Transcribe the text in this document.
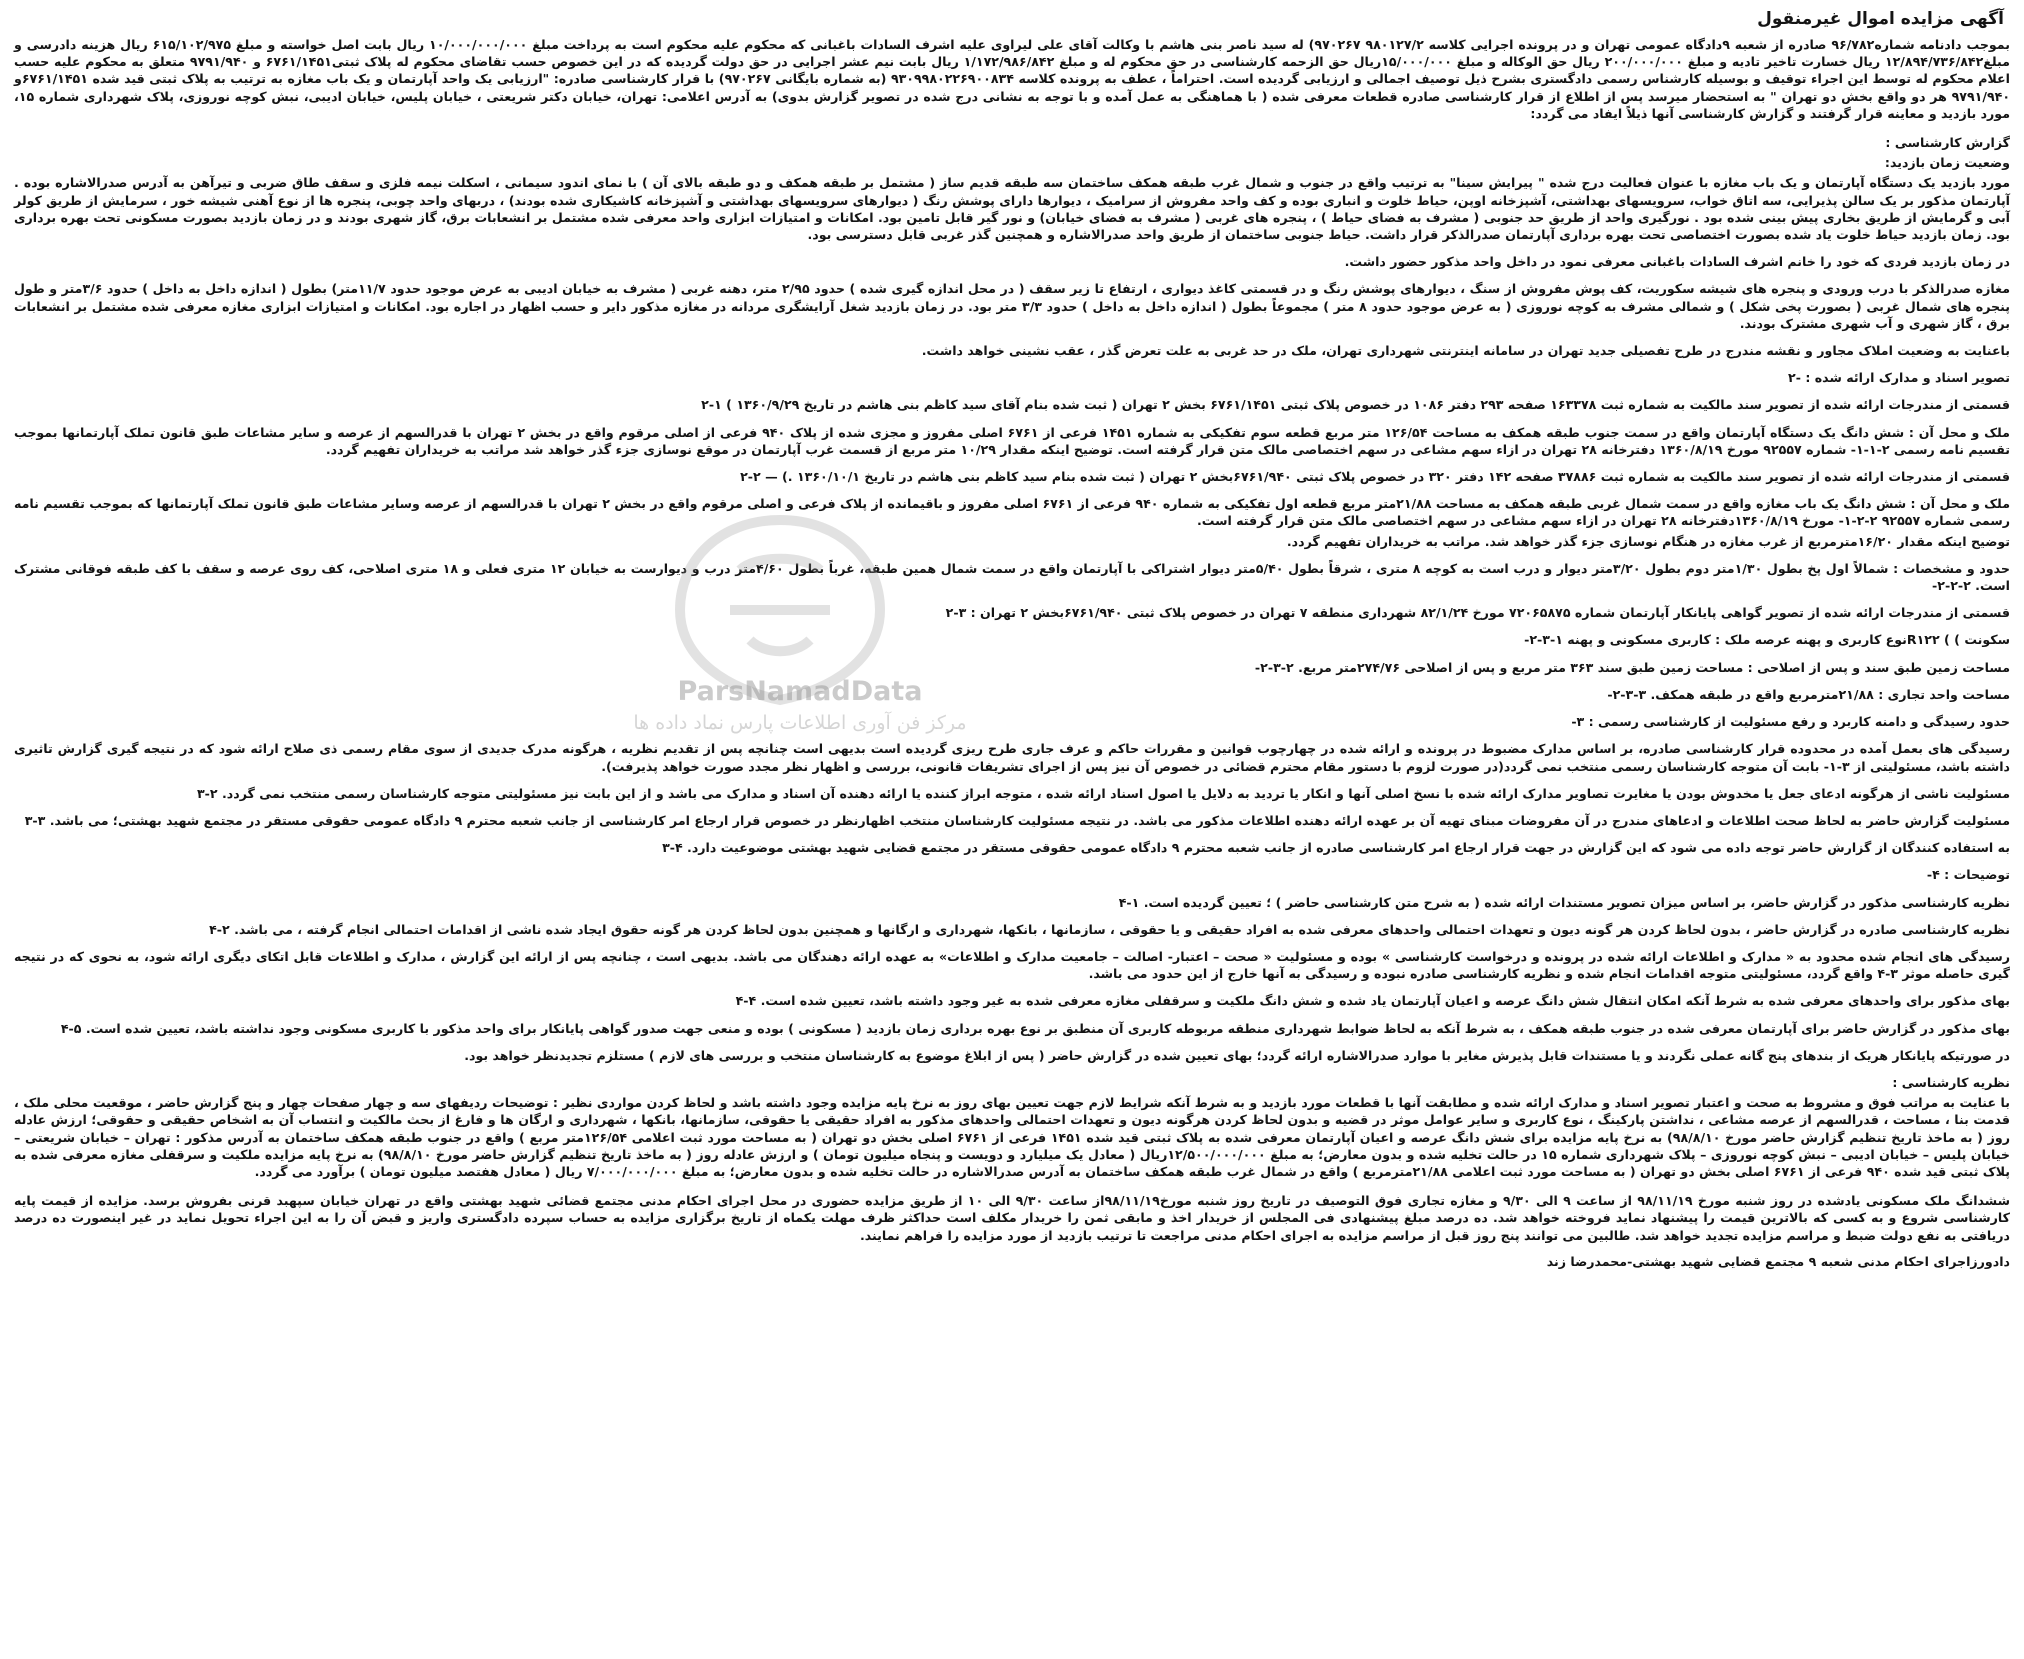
آگهی مزایده اموال غیرمنقول
بموجب دادنامه شماره۹۶/۷۸۲ صادره از شعبه ۹دادگاه عمومی تهران و در پرونده اجرایی کلاسه ۹۸۰۱۲۷/۲ ۹۷۰۲۶۷) له سید ناصر بنی هاشم با وکالت آقای علی لیراوی علیه اشرف السادات باغبانی که محکوم علیه محکوم است به پرداخت مبلغ ۱۰/۰۰۰/۰۰۰/۰۰۰ ریال بابت اصل خواسته و مبلغ ۶۱۵/۱۰۲/۹۷۵ ریال هزینه دادرسی و مبلغ۱۲/۸۹۴/۷۳۶/۸۴۲ ریال خسارت تاخیر تادیه و مبلغ ۲۰۰/۰۰۰/۰۰۰ ریال حق الوکاله و مبلغ ۱۵/۰۰۰/۰۰۰ریال حق الزحمه کارشناسی در حق محکوم له و مبلغ ۱/۱۷۲/۹۸۶/۸۴۲ ریال بابت نیم عشر اجرایی در حق دولت گردیده که در این خصوص حسب تقاضای محکوم له پلاک ثبتی۶۷۶۱/۱۴۵۱ و ۹۷۹۱/۹۴۰ متعلق به محکوم علیه حسب اعلام محکوم له توسط این اجراء توقیف و بوسیله کارشناس رسمی دادگستری بشرح ذیل توصیف اجمالی و ارزیابی گردیده است. احتراماً ، عطف به پرونده کلاسه ۹۳۰۹۹۸۰۲۲۶۹۰۰۸۳۴ (به شماره بایگانی ۹۷۰۲۶۷) با قرار کارشناسی صادره: "ارزیابی یک واحد آپارتمان و یک باب مغازه به ترتیب به پلاک ثبتی قید شده ۶۷۶۱/۱۴۵۱و ۹۷۹۱/۹۴۰ هر دو واقع بخش دو تهران " به استحضار میرسد پس از اطلاع از قرار کارشناسی صادره قطعات معرفی شده ( با هماهنگی به عمل آمده و با توجه به نشانی درج شده در تصویر گزارش بدوی) به آدرس اعلامی: تهران، خیابان دکتر شریعتی ، خیابان پلیس، خیابان ادیبی، نبش کوچه نوروزی، پلاک شهرداری شماره ۱۵، مورد بازدید و معاینه قرار گرفتند و گزارش کارشناسی آنها ذیلاً ایفاد می گردد:
گزارش کارشناسی :
وضعیت زمان بازدید:
مورد بازدید یک دستگاه آپارتمان و یک باب مغازه با عنوان فعالیت درج شده " پیرایش سینا" به ترتیب واقع در جنوب و شمال غرب طبقه همکف ساختمان سه طبقه قدیم ساز ( مشتمل بر طبقه همکف و دو طبقه بالای آن ) با نمای اندود سیمانی ، اسکلت نیمه فلزی و سقف طاق ضربی و تیرآهن به آدرس صدرالاشاره بوده . آپارتمان مذکور بر یک سالن پذیرایی، سه اتاق خواب، سرویسهای بهداشتی، آشپزخانه اوپن، حیاط خلوت و انباری بوده و کف واحد مفروش از سرامیک ، دیوارها دارای پوشش رنگ ( دیوارهای سرویسهای بهداشتی و آشپزخانه کاشیکاری شده بودند) ، دربهای واحد چوبی، پنجره ها از نوع آهنی شیشه خور ، سرمایش از طریق کولر آبی و گرمایش از طریق بخاری پیش بینی شده بود . نورگیری واحد از طریق حد جنوبی ( مشرف به فضای حیاط ) ، پنجره های غربی ( مشرف به فضای خیابان) و نور گیر قابل تامین بود. امکانات و امتیازات ابزاری واحد معرفی شده مشتمل بر انشعابات برق، گاز شهری بودند و در زمان بازدید بصورت مسکونی تحت بهره برداری بود. زمان بازدید حیاط خلوت یاد شده بصورت اختصاصی تحت بهره برداری آپارتمان صدرالذکر قرار داشت. حیاط جنوبی ساختمان از طریق واحد صدرالاشاره و همچنین گذر غربی قابل دسترسی بود.
در زمان بازدید فردی که خود را خانم اشرف السادات باغبانی معرفی نمود در داخل واحد مذکور حضور داشت.
مغازه صدرالذکر با درب ورودی و پنجره های شیشه سکوریت، کف پوش مفروش از سنگ ، دیوارهای پوشش رنگ و در قسمتی کاغذ دیواری ، ارتفاع تا زیر سقف ( در محل اندازه گیری شده ) حدود ۲/۹۵ متر، دهنه غربی ( مشرف به خیابان ادیبی به عرض موجود حدود ۱۱/۷متر) بطول ( اندازه داخل به داخل ) حدود ۳/۶متر و طول پنجره های شمال غربی ( بصورت پخی شکل ) و شمالی مشرف به کوچه نوروزی ( به عرض موجود حدود ۸ متر ) مجموعاً بطول ( اندازه داخل به داخل ) حدود ۳/۳ متر بود. در زمان بازدید شغل آرایشگری مردانه در مغازه مذکور دایر و حسب اظهار در اجاره بود. امکانات و امتیازات ابزاری مغازه معرفی شده مشتمل بر انشعابات برق ، گاز شهری و آب شهری مشترک بودند.
باعنایت به وضعیت املاک مجاور و نقشه مندرج در طرح تفصیلی جدید تهران در سامانه اینترنتی شهرداری تهران، ملک در حد غربی به علت تعرض گذر ، عقب نشینی خواهد داشت.
تصویر اسناد و مدارک ارائه شده : -۲
قسمتی از مندرجات ارائه شده از تصویر سند مالکیت به شماره ثبت ۱۶۳۳۷۸ صفحه ۲۹۳ دفتر ۱۰۸۶ در خصوص پلاک ثبتی ۶۷۶۱/۱۴۵۱ بخش ۲ تهران ( ثبت شده بنام آقای سید کاظم بنی هاشم در تاریخ ۱۳۶۰/۹/۲۹ ) ۱-۲
ملک و محل آن : شش دانگ یک دستگاه آپارتمان واقع در سمت جنوب طبقه همکف به مساحت ۱۲۶/۵۴ متر مربع قطعه سوم تفکیکی به شماره ۱۴۵۱ فرعی از ۶۷۶۱ اصلی مفروز و مجزی شده از پلاک ۹۴۰ فرعی از اصلی مرقوم واقع در بخش ۲ تهران با قدرالسهم از عرصه و سایر مشاعات طبق قانون تملک آپارتمانها بموجب تقسیم نامه رسمی ۲-۱-۱- شماره ۹۲۵۵۷ مورخ ۱۳۶۰/۸/۱۹ دفترخانه ۲۸ تهران در ازاء سهم مشاعی در سهم اختصاصی مالک متن قرار گرفته است. توضیح اینکه مقدار ۱۰/۲۹ متر مربع از قسمت غرب آپارتمان در موقع نوسازی جزء گذر خواهد شد مراتب به خریداران تفهیم گردد.
قسمتی از مندرجات ارائه شده از تصویر سند مالکیت به شماره ثبت ۳۷۸۸۶ صفحه ۱۴۲ دفتر ۳۲۰ در خصوص پلاک ثبتی ۶۷۶۱/۹۴۰بخش ۲ تهران ( ثبت شده بنام سید کاظم بنی هاشم در تاریخ ۱۳۶۰/۱۰/۱ .) — ۲-۲
ملک و محل آن : شش دانگ یک باب مغازه واقع در سمت شمال غربی طبقه همکف به مساحت ۲۱/۸۸متر مربع قطعه اول تفکیکی به شماره ۹۴۰ فرعی از ۶۷۶۱ اصلی مفروز و باقیمانده از پلاک فرعی و اصلی مرقوم واقع در بخش ۲ تهران با قدرالسهم از عرصه وسایر مشاعات طبق قانون تملک آپارتمانها که بموجب تقسیم نامه رسمی شماره ۹۲۵۵۷ ۲-۲-۱- مورخ ۱۳۶۰/۸/۱۹دفترخانه ۲۸ تهران در ازاء سهم مشاعی در سهم اختصاصی مالک متن قرار گرفته است.
توضیح اینکه مقدار ۱۶/۲۰مترمربع از غرب مغازه در هنگام نوسازی جزء گذر خواهد شد. مراتب به خریداران تفهیم گردد.
حدود و مشخصات : شمالاً اول پخ بطول ۱/۳۰متر دوم بطول ۳/۲۰متر دیوار و درب است به کوچه ۸ متری ، شرقاً بطول ۵/۴۰متر دیوار اشتراکی با آپارتمان واقع در سمت شمال همین طبقه، غرباً بطول ۴/۶۰متر درب و دیوارست به خیابان ۱۲ متری فعلی و ۱۸ متری اصلاحی، کف روی عرصه و سقف با کف طبقه فوقانی مشترک است. ۲-۲-۲-
قسمتی از مندرجات ارائه شده از تصویر گواهی پایانکار آپارتمان شماره ۷۲۰۶۵۸۷۵ مورخ ۸۲/۱/۲۴ شهرداری منطقه ۷ تهران در خصوص پلاک ثبتی ۶۷۶۱/۹۴۰بخش ۲ تهران : ۳-۲
سکونت ) ) R۱۲۲نوع کاربری و پهنه عرصه ملک : کاربری مسکونی و پهنه ۱-۳-۲-
مساحت زمین طبق سند و پس از اصلاحی : مساحت زمین طبق سند ۳۶۳ متر مربع و پس از اصلاحی ۲۷۴/۷۶متر مربع. ۲-۳-۲-
مساحت واحد تجاری : ۲۱/۸۸مترمربع واقع در طبقه همکف. ۳-۳-۲-
حدود رسیدگی و دامنه کاربرد و رفع مسئولیت از کارشناسی رسمی : ۳-
رسیدگی های بعمل آمده در محدوده قرار کارشناسی صادره، بر اساس مدارک مضبوط در پرونده و ارائه شده در چهارچوب قوانین و مقررات حاکم و عرف جاری طرح ریزی گردیده است بدیهی است چنانچه پس از تقدیم نظریه ، هرگونه مدرک جدیدی از سوی مقام رسمی ذی صلاح ارائه شود که در نتیجه گیری گزارش تاثیری داشته باشد، مسئولیتی از ۳-۱- بابت آن متوجه کارشناسان رسمی منتخب نمی گردد(در صورت لزوم با دستور مقام محترم قضائی در خصوص آن نیز پس از اجرای تشریفات قانونی، بررسی و اظهار نظر مجدد صورت خواهد پذیرفت).
مسئولیت ناشی از هرگونه ادعای جعل یا مخدوش بودن یا مغایرت تصاویر مدارک ارائه شده با نسخ اصلی آنها و انکار یا تردید به دلایل یا اصول اسناد ارائه شده ، متوجه ابراز کننده یا ارائه دهنده آن اسناد و مدارک می باشد و از این بابت نیز مسئولیتی متوجه کارشناسان رسمی منتخب نمی گردد. ۲-۳
مسئولیت گزارش حاضر به لحاظ صحت اطلاعات و ادعاهای مندرج در آن مفروضات مبنای تهیه آن بر عهده ارائه دهنده اطلاعات مذکور می باشد. در نتیجه مسئولیت کارشناسان منتخب اظهارنظر در خصوص قرار ارجاع امر کارشناسی از جانب شعبه محترم ۹ دادگاه عمومی حقوقی مستقر در مجتمع شهید بهشتی؛ می باشد. ۳-۳
به استفاده کنندگان از گزارش حاضر توجه داده می شود که این گزارش در جهت قرار ارجاع امر کارشناسی صادره از جانب شعبه محترم ۹ دادگاه عمومی حقوقی مستقر در مجتمع قضایی شهید بهشتی موضوعیت دارد. ۴-۳
توضیحات : ۴-
نظریه کارشناسی مذکور در گزارش حاضر، بر اساس میزان تصویر مستندات ارائه شده ( به شرح متن کارشناسی حاضر ) ؛ تعیین گردیده است. ۱-۴
نظریه کارشناسی صادره در گزارش حاضر ، بدون لحاظ کردن هر گونه دیون و تعهدات احتمالی واحدهای معرفی شده به افراد حقیقی و یا حقوقی ، سازمانها ، بانکها، شهرداری و ارگانها و همچنین بدون لحاظ کردن هر گونه حقوق ایجاد شده ناشی از اقدامات احتمالی انجام گرفته ، می باشد. ۲-۴
رسیدگی های انجام شده محدود به « مدارک و اطلاعات ارائه شده در پرونده و درخواست کارشناسی » بوده و مسئولیت « صحت – اعتبار- اصالت – جامعیت مدارک و اطلاعات» به عهده ارائه دهندگان می باشد. بدیهی است ، چنانچه پس از ارائه این گزارش ، مدارک و اطلاعات قابل اتکای دیگری ارائه شود، به نحوی که در نتیجه گیری حاصله موثر ۳-۴ واقع گردد، مسئولیتی متوجه اقدامات انجام شده و نظریه کارشناسی صادره نبوده و رسیدگی به آنها خارج از این حدود می باشد.
بهای مذکور برای واحدهای معرفی شده به شرط آنکه امکان انتقال شش دانگ عرصه و اعیان آپارتمان یاد شده و شش دانگ ملکیت و سرقفلی مغازه معرفی شده به غیر وجود داشته باشد، تعیین شده است. ۴-۴
بهای مذکور در گزارش حاضر برای آپارتمان معرفی شده در جنوب طبقه همکف ، به شرط آنکه به لحاظ ضوابط شهرداری منطقه مربوطه کاربری آن منطبق بر نوع بهره برداری زمان بازدید ( مسکونی ) بوده و منعی جهت صدور گواهی پایانکار برای واحد مذکور با کاربری مسکونی وجود نداشته باشد، تعیین شده است. ۵-۴
در صورتیکه پایانکار هریک از بندهای پنج گانه عملی نگردند و یا مستندات قابل پذیرش مغایر با موارد صدرالاشاره ارائه گردد؛ بهای تعیین شده در گزارش حاضر ( پس از ابلاغ موضوع به کارشناسان منتخب و بررسی های لازم ) مستلزم تجدیدنظر خواهد بود.
نظریه کارشناسی :
با عنایت به مراتب فوق و مشروط به صحت و اعتبار تصویر اسناد و مدارک ارائه شده و مطابقت آنها با قطعات مورد بازدید و به شرط آنکه شرایط لازم جهت تعیین بهای روز به نرخ پایه مزایده وجود داشته باشد و لحاظ کردن مواردی نظیر : توضیحات ردیفهای سه و چهار صفحات چهار و پنج گزارش حاضر ، موقعیت محلی ملک ، قدمت بنا ، مساحت ، قدرالسهم از عرصه مشاعی ، نداشتن پارکینگ ، نوع کاربری و سایر عوامل موثر در قضیه و بدون لحاظ کردن هرگونه دیون و تعهدات احتمالی واحدهای مذکور به افراد حقیقی یا حقوقی، سازمانها، بانکها ، شهرداری و ارگان ها و فارغ از بحث مالکیت و انتساب آن به اشخاص حقیقی و حقوقی؛ ارزش عادله روز ( به ماخذ تاریخ تنظیم گزارش حاضر مورخ ۹۸/۸/۱۰) به نرخ پایه مزایده برای شش دانگ عرصه و اعیان آپارتمان معرفی شده به پلاک ثبتی قید شده ۱۴۵۱ فرعی از ۶۷۶۱ اصلی بخش دو تهران ( به مساحت مورد ثبت اعلامی ۱۲۶/۵۴متر مربع ) واقع در جنوب طبقه همکف ساختمان به آدرس مذکور : تهران – خیابان شریعتی – خیابان پلیس – خیابان ادیبی – نبش کوچه نوروزی – پلاک شهرداری شماره ۱۵ در حالت تخلیه شده و بدون معارض؛ به مبلغ ۱۲/۵۰۰/۰۰۰/۰۰۰ریال ( معادل یک میلیارد و دویست و پنجاه میلیون تومان ) و ارزش عادله روز ( به ماخذ تاریخ تنظیم گزارش حاضر مورخ ۹۸/۸/۱۰) به نرخ پایه مزایده ملکیت و سرقفلی مغازه معرفی شده به پلاک ثبتی قید شده ۹۴۰ فرعی از ۶۷۶۱ اصلی بخش دو تهران ( به مساحت مورد ثبت اعلامی ۲۱/۸۸مترمربع ) واقع در شمال غرب طبقه همکف ساختمان به آدرس صدرالاشاره در حالت تخلیه شده و بدون معارض؛ به مبلغ ۷/۰۰۰/۰۰۰/۰۰۰ ریال ( معادل هفتصد میلیون تومان ) برآورد می گردد.
ششدانگ ملک مسکونی یادشده در روز شنبه مورخ ۹۸/۱۱/۱۹ از ساعت ۹ الی ۹/۳۰ و مغازه تجاری فوق التوصیف در تاریخ روز شنبه مورخ۹۸/۱۱/۱۹از ساعت ۹/۳۰ الی ۱۰ از طریق مزایده حضوری در محل اجرای احکام مدنی مجتمع قضائی شهید بهشتی واقع در تهران خیابان سپهبد قرنی بفروش برسد. مزایده از قیمت پایه کارشناسی شروع و به کسی که بالاترین قیمت را پیشنهاد نماید فروخته خواهد شد. ده درصد مبلغ پیشنهادی فی المجلس از خریدار اخذ و مابقی ثمن را خریدار مکلف است حداکثر ظرف مهلت یکماه از تاریخ برگزاری مزایده به حساب سپرده دادگستری واریز و قبض آن را به این اجراء تحویل نماید در غیر اینصورت ده درصد دریافتی به نفع دولت ضبط و مراسم مزایده تجدید خواهد شد. طالبین می توانند پنج روز قبل از مراسم مزایده به اجرای احکام مدنی مراجعت تا ترتیب بازدید از مورد مزایده را فراهم نمایند.
دادورزاجرای احکام مدنی شعبه ۹ مجتمع قضایی شهید بهشتی-محمدرضا زند
ParsNamadData
مرکز فن آوری اطلاعات پارس نماد داده ها
